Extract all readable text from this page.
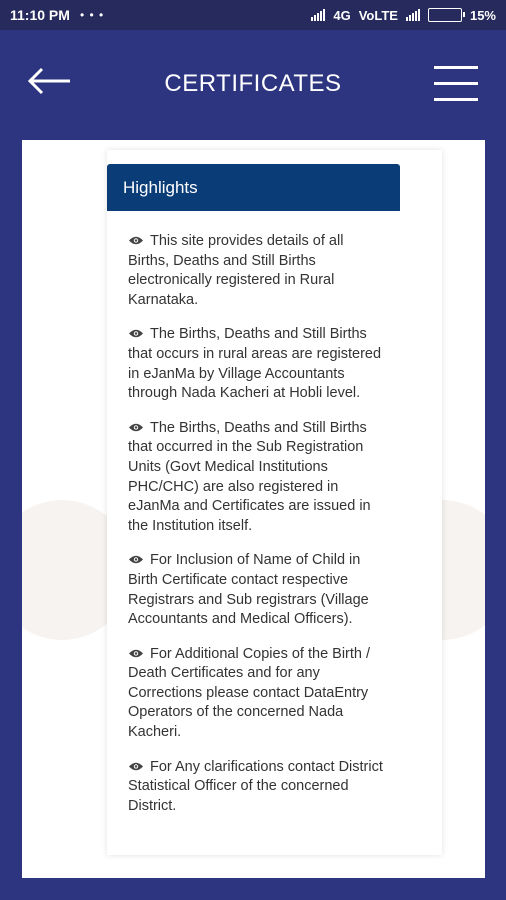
11:10 PM • • •	4G VoLTE	15%
CERTIFICATES
Highlights

This site provides details of all Births, Deaths and Still Births electronically registered in Rural Karnataka.

The Births, Deaths and Still Births that occurs in rural areas are registered in eJanMa by Village Accountants through Nada Kacheri at Hobli level.

The Births, Deaths and Still Births that occurred in the Sub Registration Units (Govt Medical Institutions PHC/CHC) are also registered in eJanMa and Certificates are issued in the Institution itself.

For Inclusion of Name of Child in Birth Certificate contact respective Registrars and Sub registrars (Village Accountants and Medical Officers).

For Additional Copies of the Birth / Death Certificates and for any Corrections please contact DataEntry Operators of the concerned Nada Kacheri.

For Any clarifications contact District Statistical Officer of the concerned District.
